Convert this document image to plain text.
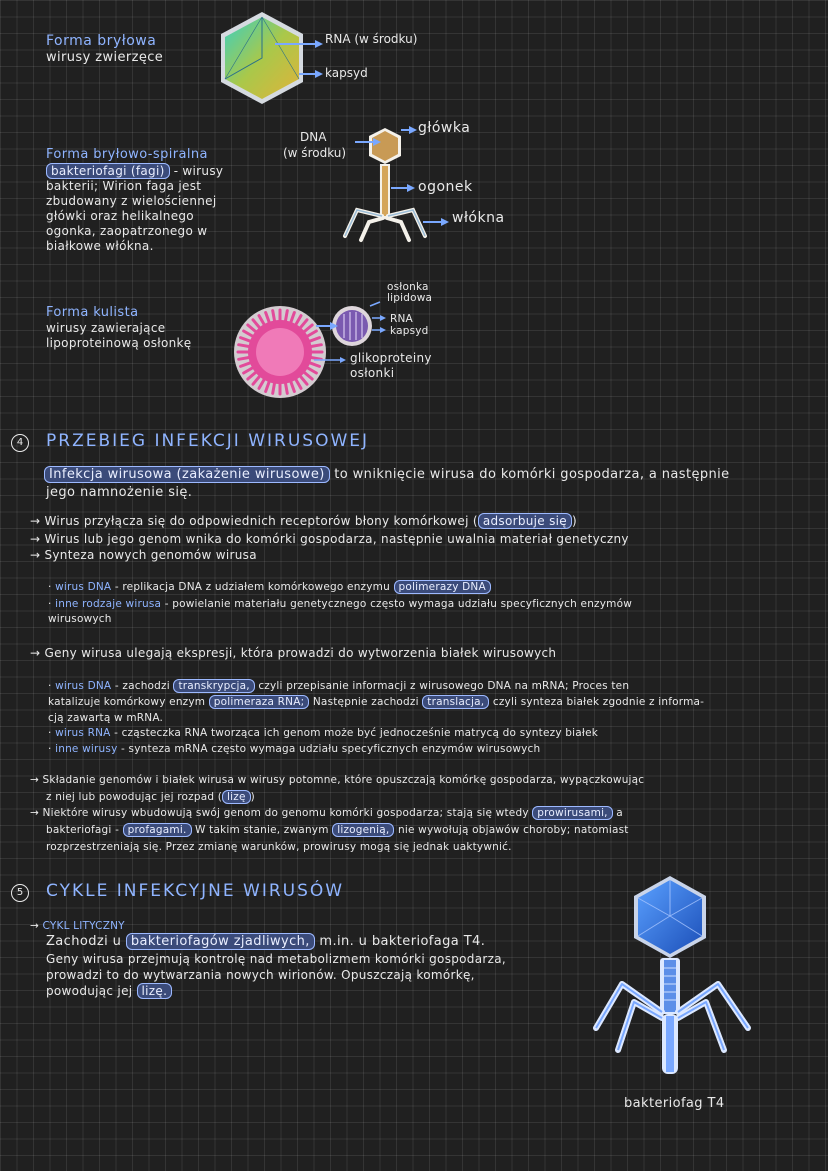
Forma bryłowa
wirusy zwierzęce
RNA (w środku)
kapsyd
Forma bryłowo-spiralna
bakteriofagi (fagi) - wirusy
bakterii; Wirion faga jest
zbudowany z wielościennej
główki oraz helikalnego
ogonka, zaopatrzonego w
białkowe włókna.
DNA
(w środku)
główka
ogonek
włókna
Forma kulista
wirusy zawierające
lipoproteinową osłonkę
osłonka
lipidowa
RNA
kapsyd
glikoproteiny
osłonki
4	PRZEBIEG INFEKCJI WIRUSOWEJ
Infekcja wirusowa (zakażenie wirusowe) to wniknięcie wirusa do komórki gospodarza, a następnie
jego namnożenie się.
→ Wirus przyłącza się do odpowiednich receptorów błony komórkowej ( adsorbuje się )
→ Wirus lub jego genom wnika do komórki gospodarza, następnie uwalnia materiał genetyczny
→ Synteza nowych genomów wirusa
· wirus DNA - replikacja DNA z udziałem komórkowego enzymu polimerazy DNA
· inne rodzaje wirusa - powielanie materiału genetycznego często wymaga udziału specyficznych enzymów
wirusowych
→ Geny wirusa ulegają ekspresji, która prowadzi do wytworzenia białek wirusowych
· wirus DNA - zachodzi transkrypcja, czyli przepisanie informacji z wirusowego DNA na mRNA; Proces ten
katalizuje komórkowy enzym polimeraza RNA; Następnie zachodzi translacja, czyli synteza białek zgodnie z informa-
cją zawartą w mRNA.
· wirus RNA - cząsteczka RNA tworząca ich genom może być jednocześnie matrycą do syntezy białek
· inne wirusy - synteza mRNA często wymaga udziału specyficznych enzymów wirusowych
→ Składanie genomów i białek wirusa w wirusy potomne, które opuszczają komórkę gospodarza, wypączkowując
z niej lub powodując jej rozpad ( lizę )
→ Niektóre wirusy wbudowują swój genom do genomu komórki gospodarza; stają się wtedy prowirusami, a
bakteriofagi - profagami. W takim stanie, zwanym lizogenią, nie wywołują objawów choroby; natomiast
rozprzestrzeniają się. Przez zmianę warunków, prowirusy mogą się jednak uaktywnić.
5	CYKLE INFEKCYJNE WIRUSÓW
→ CYKL LITYCZNY
Zachodzi u bakteriofagów zjadliwych, m.in. u bakteriofaga T4.
Geny wirusa przejmują kontrolę nad metabolizmem komórki gospodarza,
prowadzi to do wytwarzania nowych wirionów. Opuszczają komórkę,
powodując jej lizę.
bakteriofag T4
